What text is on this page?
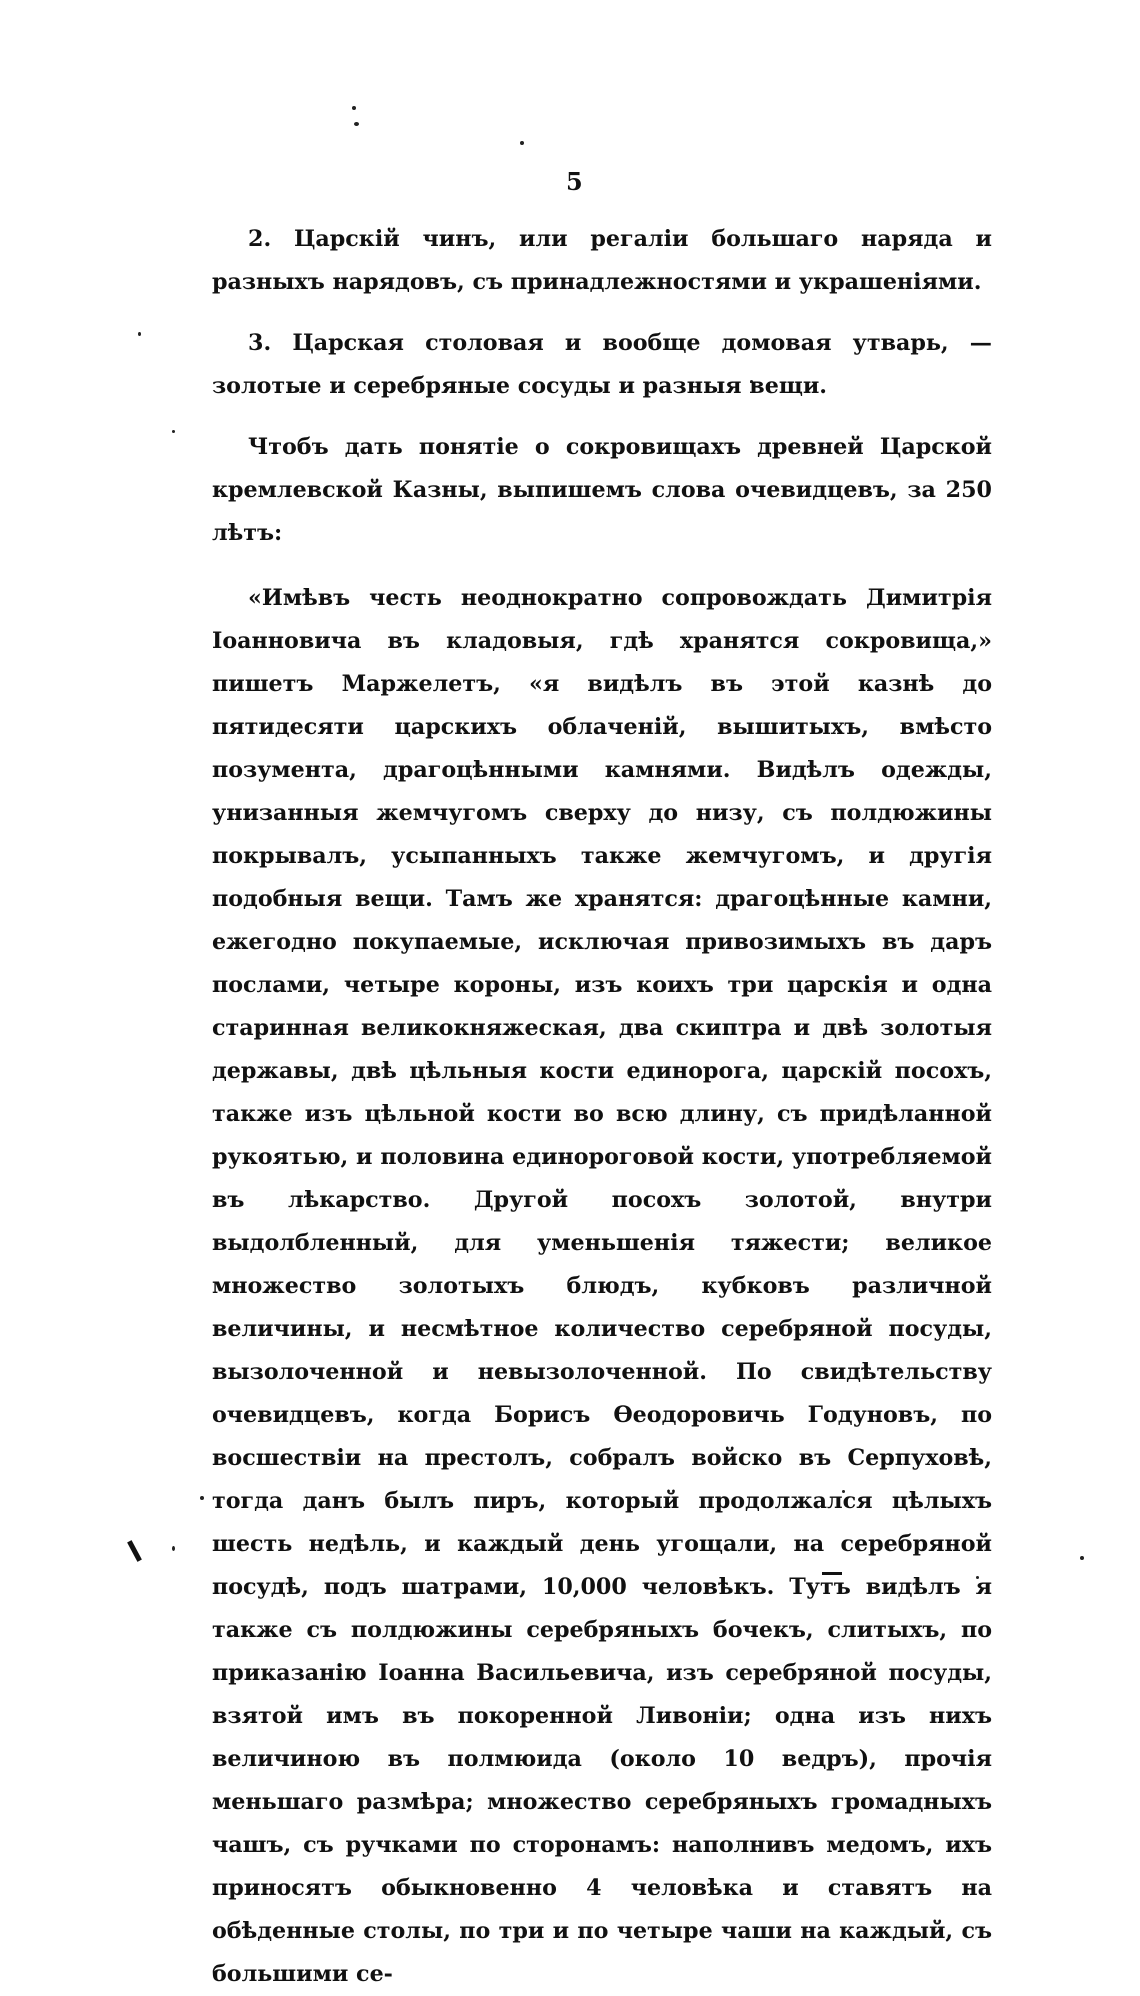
5

2. Царскій чинъ, или регаліи большаго наряда и разныхъ нарядовъ, съ принадлежностями и украшеніями.

3. Царская столовая и вообще домовая утварь, — золотые и серебряные сосуды и разныя вещи.

Чтобъ дать понятіе о сокровищахъ древней Царской кремлевской Казны, выпишемъ слова очевидцевъ, за 250 лѣтъ:

«Имѣвъ честь неоднократно сопровождать Димитрія Іоанновича въ кладовыя, гдѣ хранятся сокровища,» пишетъ Маржелетъ, «я видѣлъ въ этой казнѣ до пятидесяти царскихъ облаченій, вышитыхъ, вмѣсто позумента, драгоцѣнными камнями. Видѣлъ одежды, унизанныя жемчугомъ сверху до низу, съ полдюжины покрывалъ, усыпанныхъ также жемчугомъ, и другія подобныя вещи. Тамъ же хранятся: драгоцѣнные камни, ежегодно покупаемые, исключая привозимыхъ въ даръ послами, четыре короны, изъ коихъ три царскія и одна старинная великокняжеская, два скиптра и двѣ золотыя державы, двѣ цѣльныя кости единорога, царскій посохъ, также изъ цѣльной кости во всю длину, съ придѣланной рукоятью, и половина единороговой кости, употребляемой въ лѣкарство. Другой посохъ золотой, внутри выдолбленный, для уменьшенія тяжести; великое множество золотыхъ блюдъ, кубковъ различной величины, и несмѣтное количество серебряной посуды, вызолоченной и невызолоченной. По свидѣтельству очевидцевъ, когда Борисъ Ѳеодоровичь Годуновъ, по восшествіи на престолъ, собралъ войско въ Серпуховѣ, тогда данъ былъ пиръ, который продолжался цѣлыхъ шесть недѣль, и каждый день угощали, на серебряной посудѣ, подъ шатрами, 10,000 человѣкъ. Тутъ видѣлъ я также съ полдюжины серебряныхъ бочекъ, слитыхъ, по приказанію Іоанна Васильевича, изъ серебряной посуды, взятой имъ въ покоренной Ливоніи; одна изъ нихъ величиною въ полмюида (около 10 ведръ), прочія меньшаго размѣра; множество серебряныхъ громадныхъ чашъ, съ ручками по сторонамъ: наполнивъ медомъ, ихъ приносятъ обыкновенно 4 человѣка и ставятъ на обѣденные столы, по три и по четыре чаши на каждый, съ большими се-
